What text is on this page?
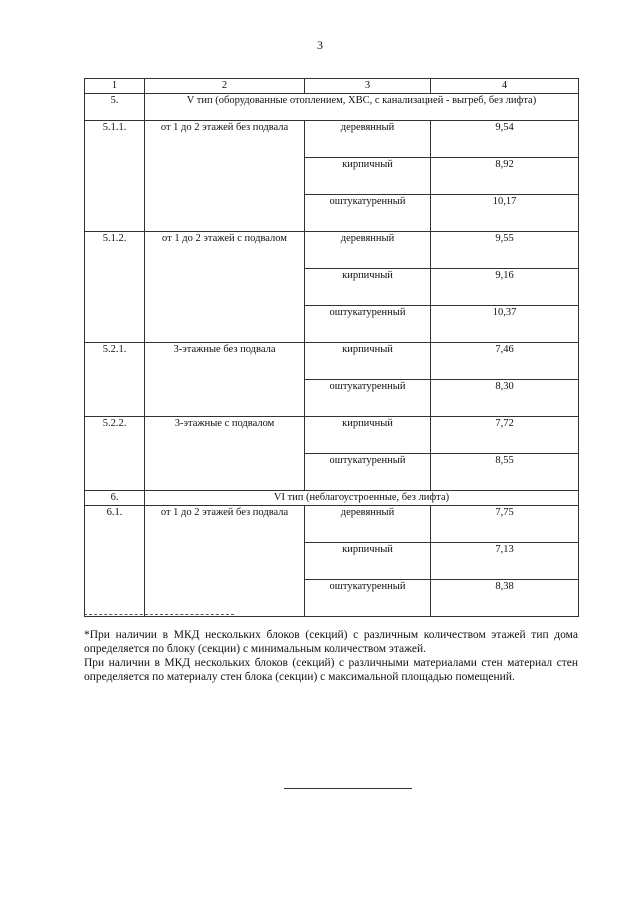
3
1	2	3	4
5.	V тип (оборудованные отоплением, ХВС, с канализацией - выгреб, без лифта)		
5.1.1.	от 1 до 2 этажей без подвала	деревянный	9,54
		кирпичный	8,92
		оштукатуренный	10,17
5.1.2.	от 1 до 2 этажей с подвалом	деревянный	9,55
		кирпичный	9,16
		оштукатуренный	10,37
5.2.1.	3-этажные без подвала	кирпичный	7,46
		оштукатуренный	8,30
5.2.2.	3-этажные с подвалом	кирпичный	7,72
		оштукатуренный	8,55
6.	VI тип (неблагоустроенные, без лифта)		
6.1.	от 1 до 2 этажей без подвала	деревянный	7,75
		кирпичный	7,13
		оштукатуренный	8,38

*При наличии в МКД нескольких блоков (секций) с различным количеством этажей тип дома определяется по блоку (секции) с минимальным количеством этажей.

При наличии в МКД нескольких блоков (секций) с различными материалами стен материал стен определяется по материалу стен блока (секции) с максимальной площадью помещений.
